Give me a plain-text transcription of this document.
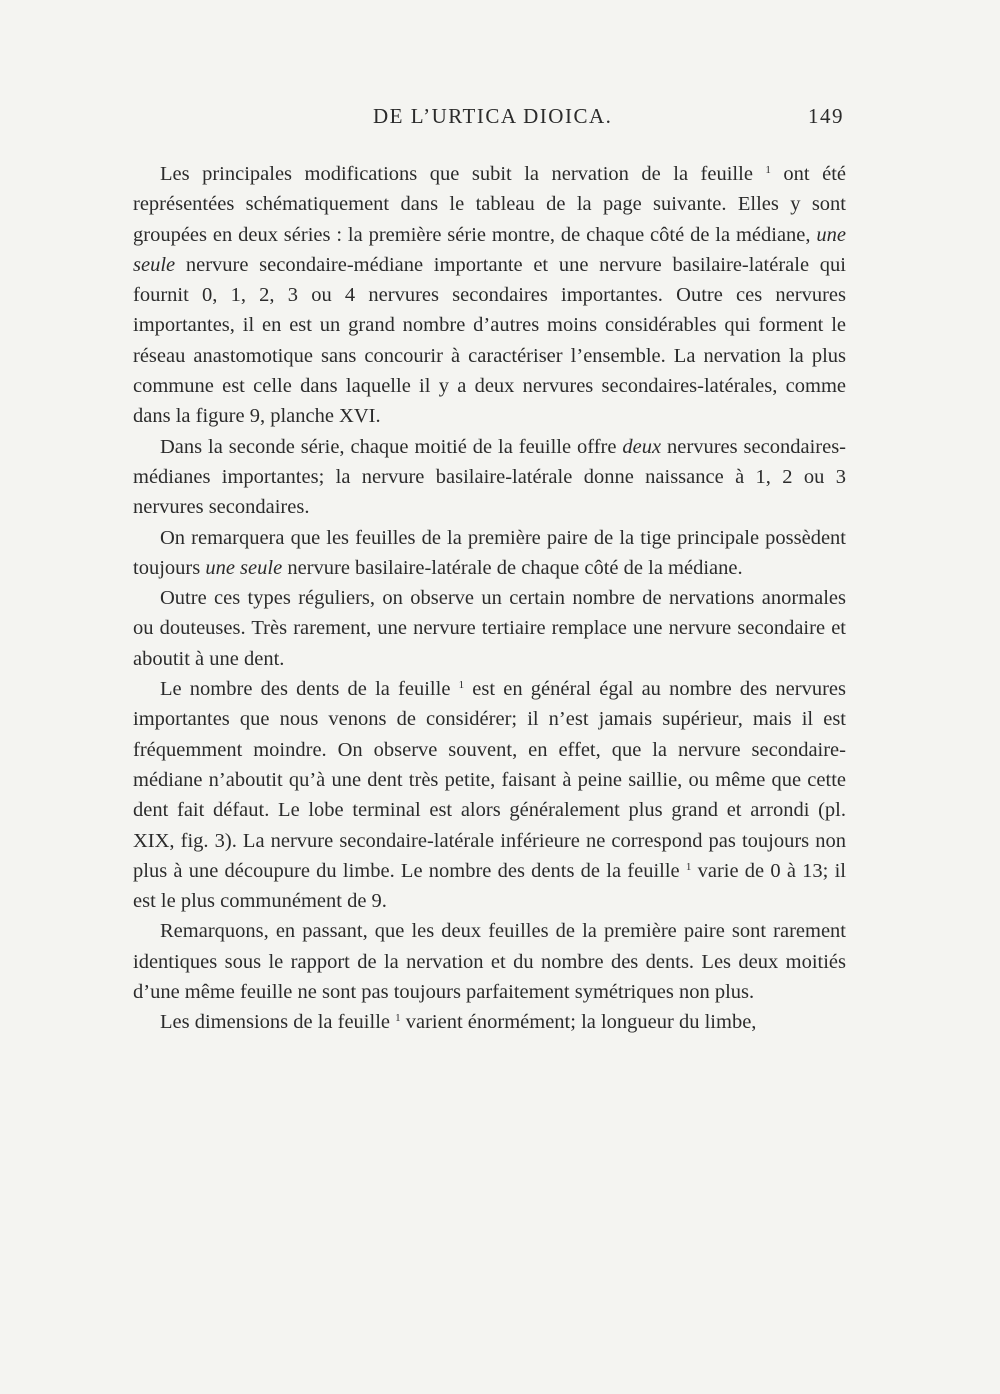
DE L’URTICA DIOICA.	149

Les principales modifications que subit la nervation de la feuille $^1$ ont été représentées schématiquement dans le tableau de la page suivante. Elles y sont groupées en deux séries : la première série montre, de chaque côté de la médiane, une seule nervure secondaire-médiane importante et une nervure basilaire-latérale qui fournit 0, 1, 2, 3 ou 4 nervures secondaires importantes. Outre ces nervures importantes, il en est un grand nombre d’autres moins considérables qui forment le réseau anastomotique sans concourir à caractériser l’ensemble. La nervation la plus commune est celle dans laquelle il y a deux nervures secondaires-latérales, comme dans la figure 9, planche XVI.

Dans la seconde série, chaque moitié de la feuille offre deux nervures secondaires-médianes importantes; la nervure basilaire-latérale donne naissance à 1, 2 ou 3 nervures secondaires.

On remarquera que les feuilles de la première paire de la tige principale possèdent toujours une seule nervure basilaire-latérale de chaque côté de la médiane.

Outre ces types réguliers, on observe un certain nombre de nervations anormales ou douteuses. Très rarement, une nervure tertiaire remplace une nervure secondaire et aboutit à une dent.

Le nombre des dents de la feuille $^1$ est en général égal au nombre des nervures importantes que nous venons de considérer; il n’est jamais supérieur, mais il est fréquemment moindre. On observe souvent, en effet, que la nervure secondaire-médiane n’aboutit qu’à une dent très petite, faisant à peine saillie, ou même que cette dent fait défaut. Le lobe terminal est alors généralement plus grand et arrondi (pl. XIX, fig. 3). La nervure secondaire-latérale inférieure ne correspond pas toujours non plus à une découpure du limbe. Le nombre des dents de la feuille $^1$ varie de 0 à 13; il est le plus communément de 9.

Remarquons, en passant, que les deux feuilles de la première paire sont rarement identiques sous le rapport de la nervation et du nombre des dents. Les deux moitiés d’une même feuille ne sont pas toujours parfaitement symétriques non plus.

Les dimensions de la feuille $^1$ varient énormément; la longueur du limbe,
